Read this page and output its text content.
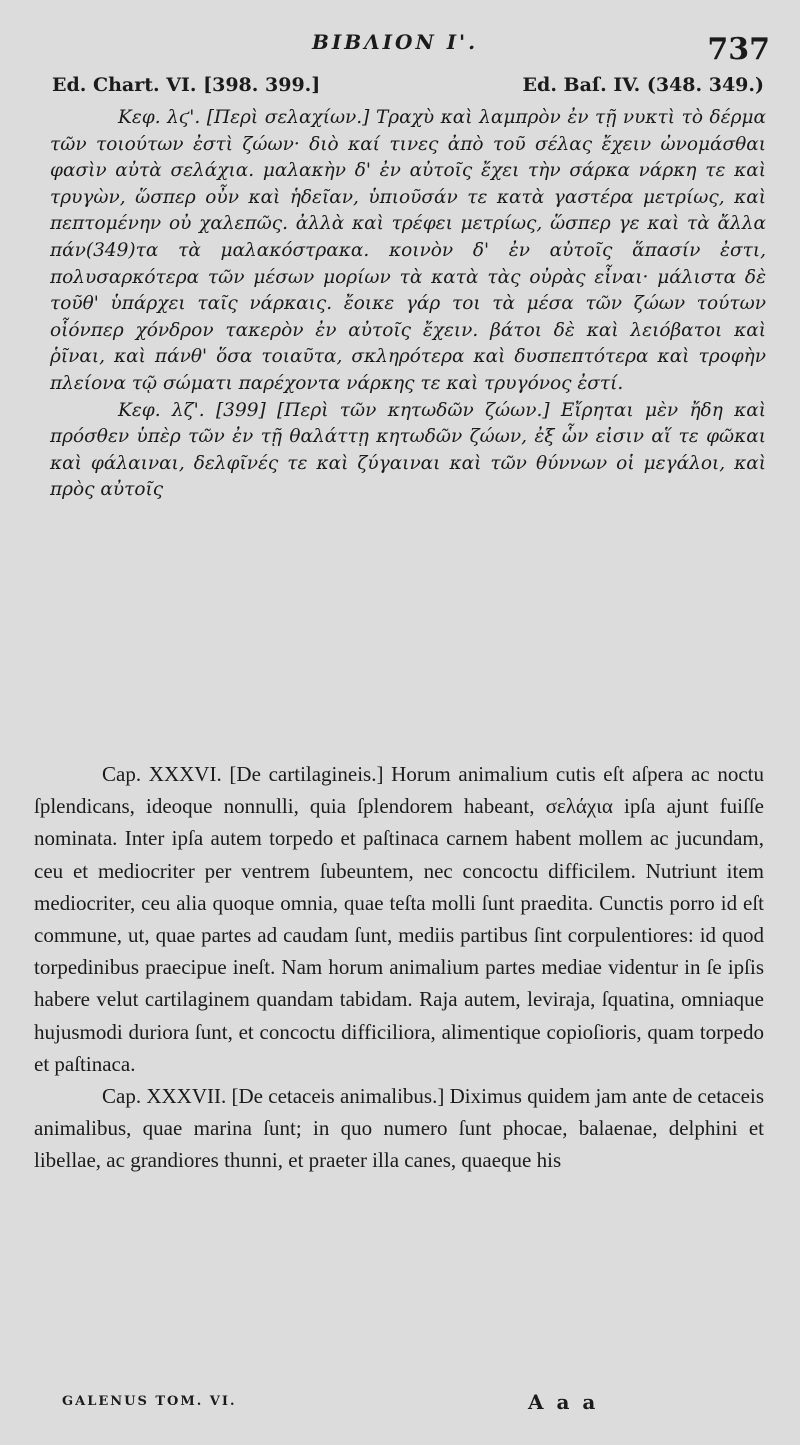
ΒΙΒΛΙΟΝ Ι'.	737
Ed. Chart. VI. [398. 399.]	Ed. Baſ. IV. (348. 349.)

Κεφ. λϛ'. [Περὶ σελαχίων.] Τραχὺ καὶ λαμπρὸν ἐν τῇ νυκτὶ τὸ δέρμα τῶν τοιούτων ἐστὶ ζώων· διὸ καί τινες ἀπὸ τοῦ σέλας ἔχειν ὠνομάσθαι φασὶν αὐτὰ σελάχια. μαλακὴν δ' ἐν αὐτοῖς ἔχει τὴν σάρκα νάρκη τε καὶ τρυγὼν, ὥσπερ οὖν καὶ ἡδεῖαν, ὑπιοῦσάν τε κατὰ γαστέρα μετρίως, καὶ πεπτομένην οὐ χαλεπῶς. ἀλλὰ καὶ τρέφει μετρίως, ὥσπερ γε καὶ τὰ ἄλλα πάν(349)τα τὰ μαλακόστρακα. κοινὸν δ' ἐν αὐτοῖς ἅπασίν ἐστι, πολυσαρκότερα τῶν μέσων μορίων τὰ κατὰ τὰς οὐρὰς εἶναι· μάλιστα δὲ τοῦθ' ὑπάρχει ταῖς νάρκαις. ἔοικε γάρ τοι τὰ μέσα τῶν ζώων τούτων οἷόνπερ χόνδρον τακερὸν ἐν αὐτοῖς ἔχειν. βάτοι δὲ καὶ λειόβατοι καὶ ῥῖναι, καὶ πάνθ' ὅσα τοιαῦτα, σκληρότερα καὶ δυσπεπτότερα καὶ τροφὴν πλείονα τῷ σώματι παρέχοντα νάρκης τε καὶ τρυγόνος ἐστί.

Κεφ. λζ'. [399] [Περὶ τῶν κητωδῶν ζώων.] Εἴρηται μὲν ἤδη καὶ πρόσθεν ὑπὲρ τῶν ἐν τῇ θαλάττῃ κητωδῶν ζώων, ἐξ ὧν εἰσιν αἵ τε φῶκαι καὶ φάλαιναι, δελφῖνές τε καὶ ζύγαιναι καὶ τῶν θύννων οἱ μεγάλοι, καὶ πρὸς αὐτοῖς

Cap. XXXVI. [De cartilagineis.] Horum animalium cutis eſt aſpera ac noctu ſplendicans, ideoque nonnulli, quia ſplendorem habeant, σελάχια ipſa ajunt fuiſſe nominata. Inter ipſa autem torpedo et paſtinaca carnem habent mollem ac jucundam, ceu et mediocriter per ventrem ſubeuntem, nec concoctu difficilem. Nutriunt item mediocriter, ceu alia quoque omnia, quae teſta molli ſunt praedita. Cunctis porro id eſt commune, ut, quae partes ad caudam ſunt, mediis partibus ſint corpulentiores: id quod torpedinibus praecipue ineſt. Nam horum animalium partes mediae videntur in ſe ipſis habere velut cartilaginem quandam tabidam. Raja autem, leviraja, ſquatina, omniaque hujusmodi duriora ſunt, et concoctu difficiliora, alimentique copioſioris, quam torpedo et paſtinaca.

Cap. XXXVII. [De cetaceis animalibus.] Diximus quidem jam ante de cetaceis animalibus, quae marina ſunt; in quo numero ſunt phocae, balaenae, delphini et libellae, ac grandiores thunni, et praeter illa canes, quaeque his

GALENUS TOM. VI.	A a a
